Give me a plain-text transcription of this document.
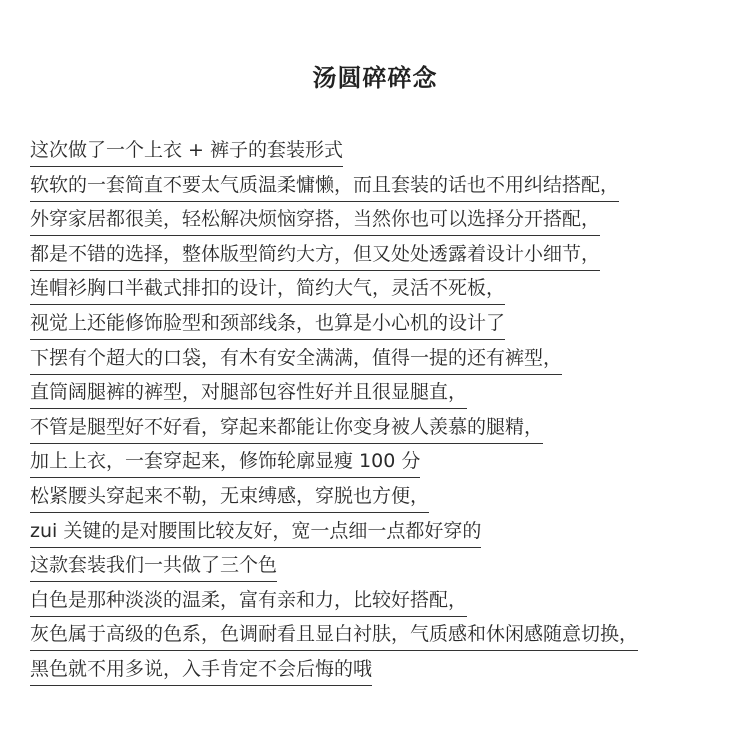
汤圆碎碎念
这次做了一个上衣 + 裤子的套装形式
软软的一套简直不要太气质温柔慵懒，而且套装的话也不用纠结搭配，
外穿家居都很美，轻松解决烦恼穿搭，当然你也可以选择分开搭配，
都是不错的选择，整体版型简约大方，但又处处透露着设计小细节，
连帽衫胸口半截式排扣的设计，简约大气，灵活不死板，
视觉上还能修饰脸型和颈部线条，也算是小心机的设计了
下摆有个超大的口袋，有木有安全满满，值得一提的还有裤型，
直筒阔腿裤的裤型，对腿部包容性好并且很显腿直，
不管是腿型好不好看，穿起来都能让你变身被人羡慕的腿精，
加上上衣，一套穿起来，修饰轮廓显瘦 100 分
松紧腰头穿起来不勒，无束缚感，穿脱也方便，
zui 关键的是对腰围比较友好，宽一点细一点都好穿的
这款套装我们一共做了三个色
白色是那种淡淡的温柔，富有亲和力，比较好搭配，
灰色属于高级的色系，色调耐看且显白衬肤，气质感和休闲感随意切换，
黑色就不用多说，入手肯定不会后悔的哦
